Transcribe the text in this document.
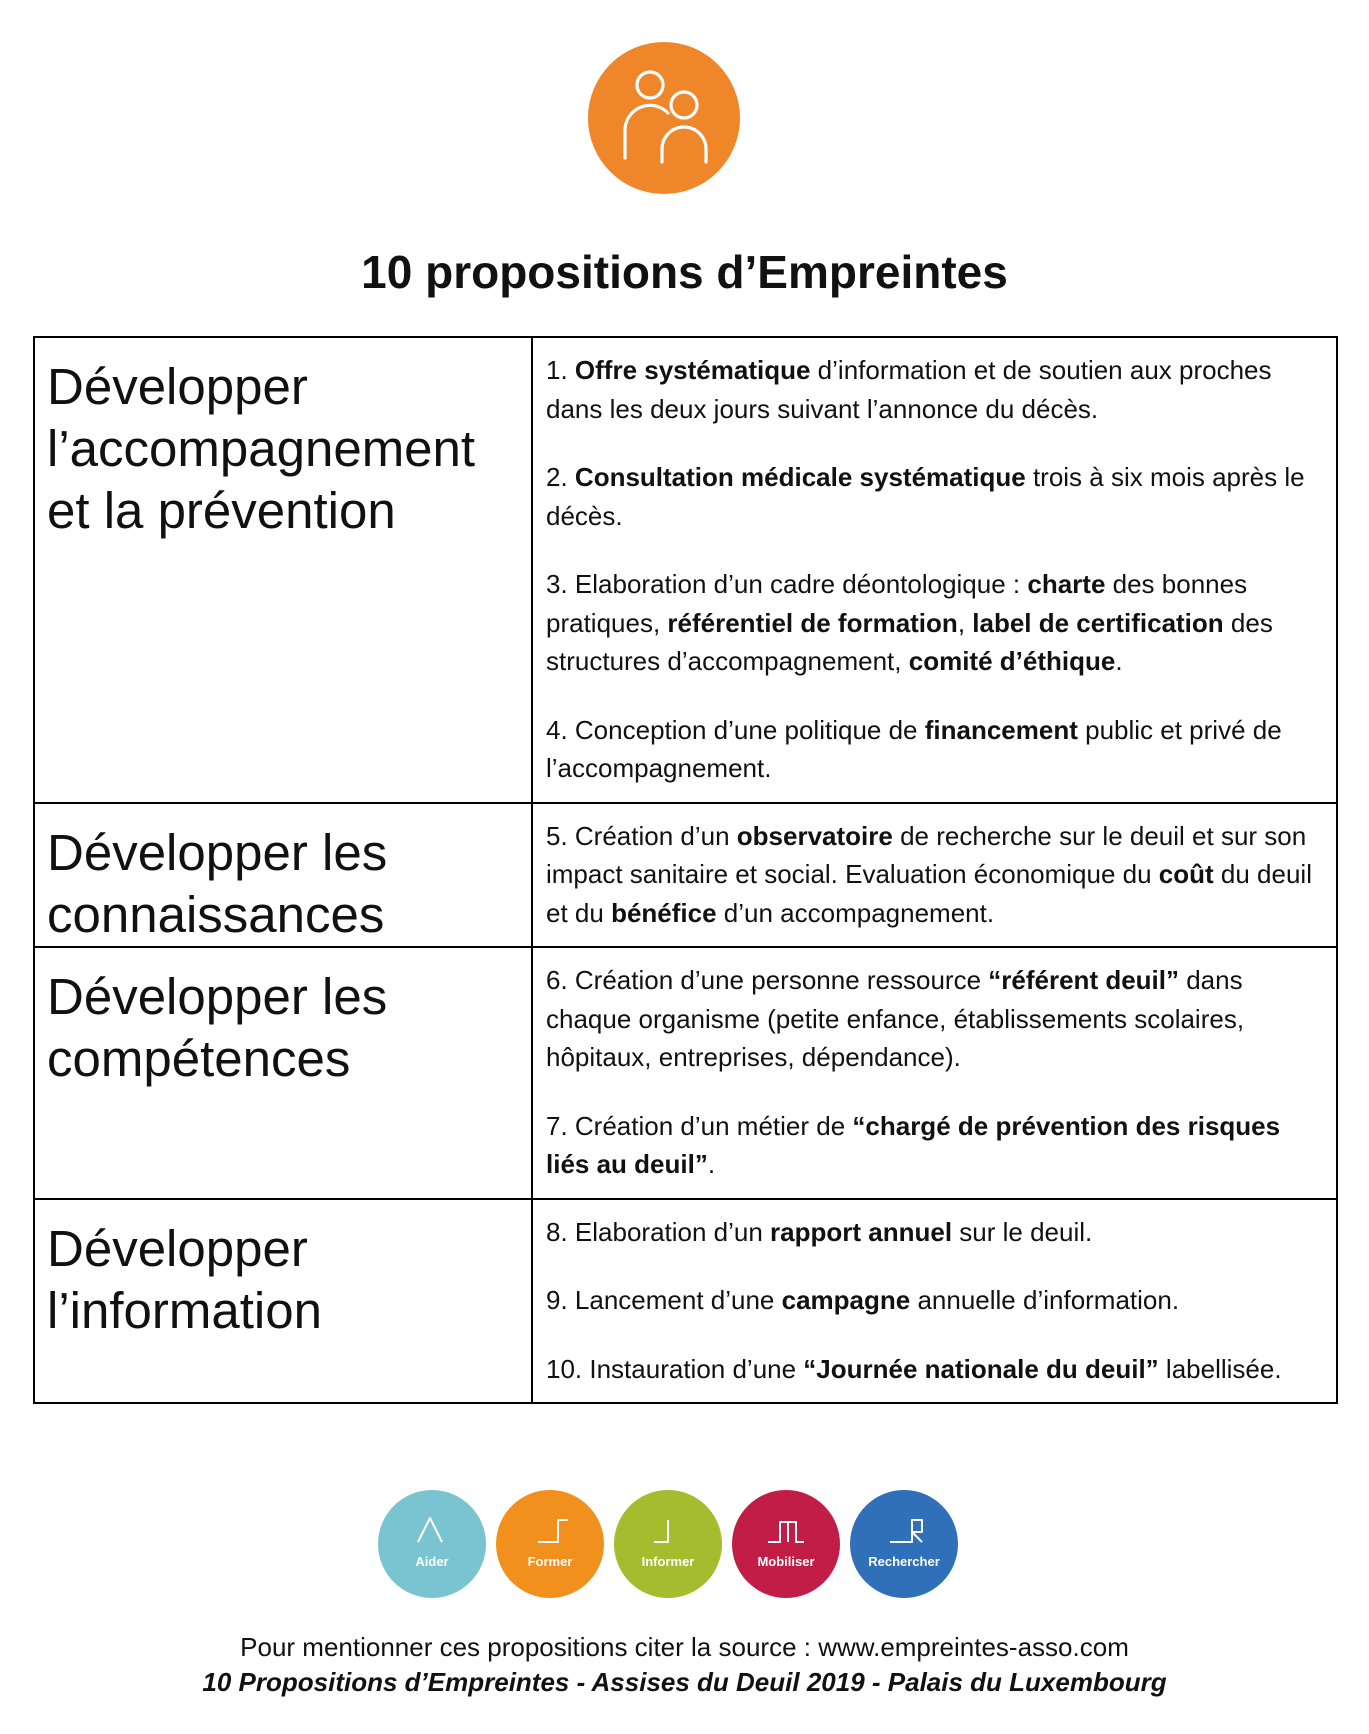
10 propositions d’Empreintes
Développer l’accompagnement et la prévention	1. Offre systématique d’information et de soutien aux proches dans les deux jours suivant l’annonce du décès.
2. Consultation médicale systématique trois à six mois après le décès.
3. Elaboration d’un cadre déontologique : charte des bonnes pratiques, référentiel de formation, label de certification des structures d’accompagnement, comité d’éthique.
4. Conception d’une politique de financement public et privé de l’accompagnement.

Développer les connaissances	5. Création d’un observatoire de recherche sur le deuil et sur son impact sanitaire et social. Evaluation économique du coût du deuil et du bénéfice d’un accompagnement.

Développer les compétences	6. Création d’une personne ressource “référent deuil” dans chaque organisme (petite enfance, établissements scolaires, hôpitaux, entreprises, dépendance).
7. Création d’un métier de “chargé de prévention des risques liés au deuil”.

Développer l’information	8. Elaboration d’un rapport annuel sur le deuil.
9. Lancement d’une campagne annuelle d’information.
10. Instauration d’une “Journée nationale du deuil” labellisée.
Aider	Former	Informer	Mobiliser	Rechercher
Pour mentionner ces propositions citer la source : www.empreintes-asso.com
10 Propositions d’Empreintes - Assises du Deuil 2019 - Palais du Luxembourg
